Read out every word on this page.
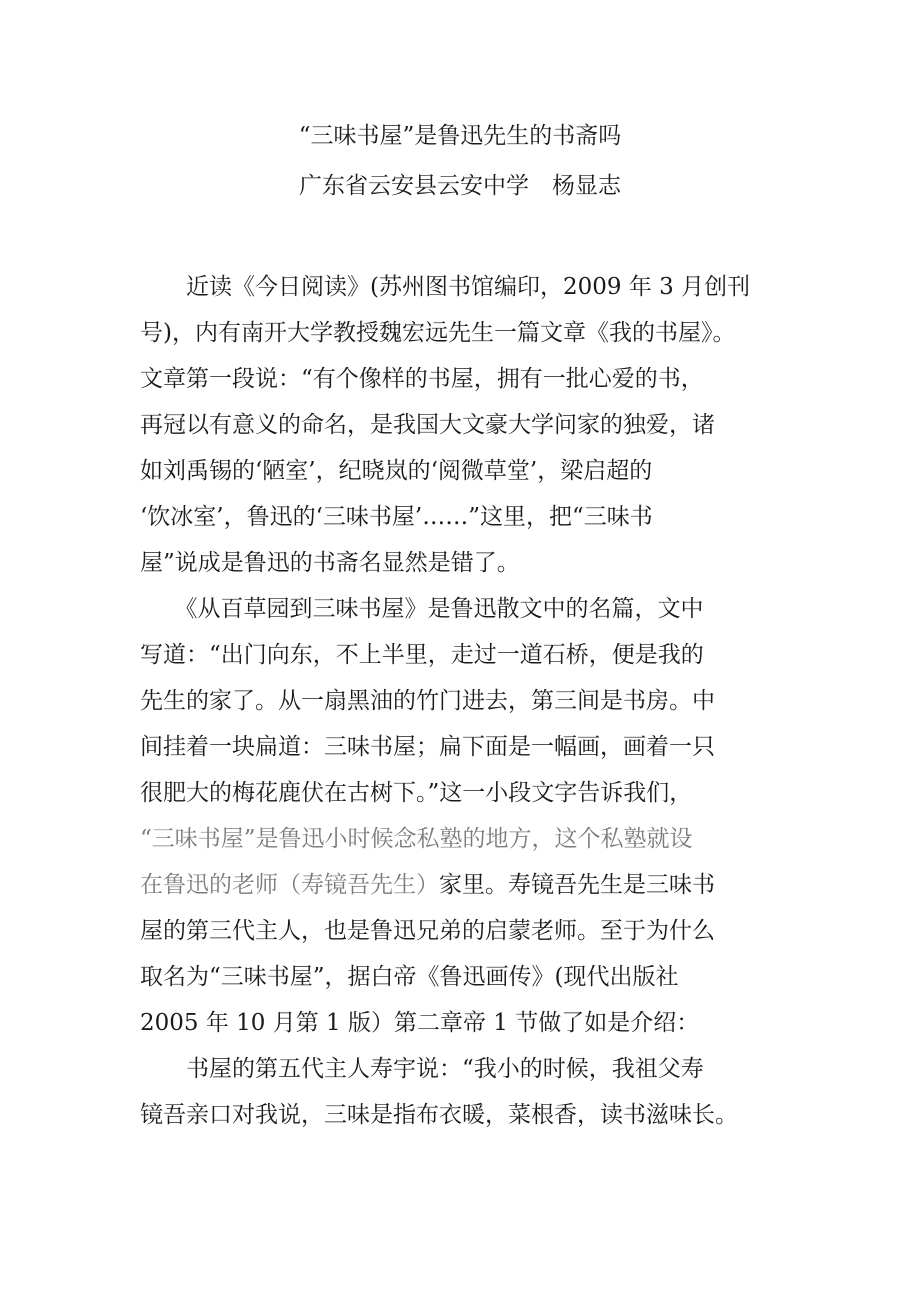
“三味书屋”是鲁迅先生的书斋吗
广东省云安县云安中学　杨显志
　　近读《今日阅读》(苏州图书馆编印，2009 年 3 月创刊
号)，内有南开大学教授魏宏远先生一篇文章《我的书屋》。
文章第一段说：“有个像样的书屋，拥有一批心爱的书，
再冠以有意义的命名，是我国大文豪大学问家的独爱，诸
如刘禹锡的‘陋室’，纪晓岚的‘阅微草堂’，梁启超的
‘饮冰室’，鲁迅的‘三味书屋’……”这里，把“三味书
屋”说成是鲁迅的书斋名显然是错了。
　　《从百草园到三味书屋》是鲁迅散文中的名篇，文中
写道：“出门向东，不上半里，走过一道石桥，便是我的
先生的家了。从一扇黑油的竹门进去，第三间是书房。中
间挂着一块扁道：三味书屋；扁下面是一幅画，画着一只
很肥大的梅花鹿伏在古树下。”这一小段文字告诉我们，
“三味书屋”是鲁迅小时候念私塾的地方，这个私塾就设
在鲁迅的老师（寿镜吾先生）家里。寿镜吾先生是三味书
屋的第三代主人，也是鲁迅兄弟的启蒙老师。至于为什么
取名为“三味书屋”，据白帝《鲁迅画传》(现代出版社
2005 年 10 月第 1 版）第二章帝 1 节做了如是介绍：
　　书屋的第五代主人寿宇说：“我小的时候，我祖父寿
镜吾亲口对我说，三味是指布衣暖，菜根香，读书滋味长。
